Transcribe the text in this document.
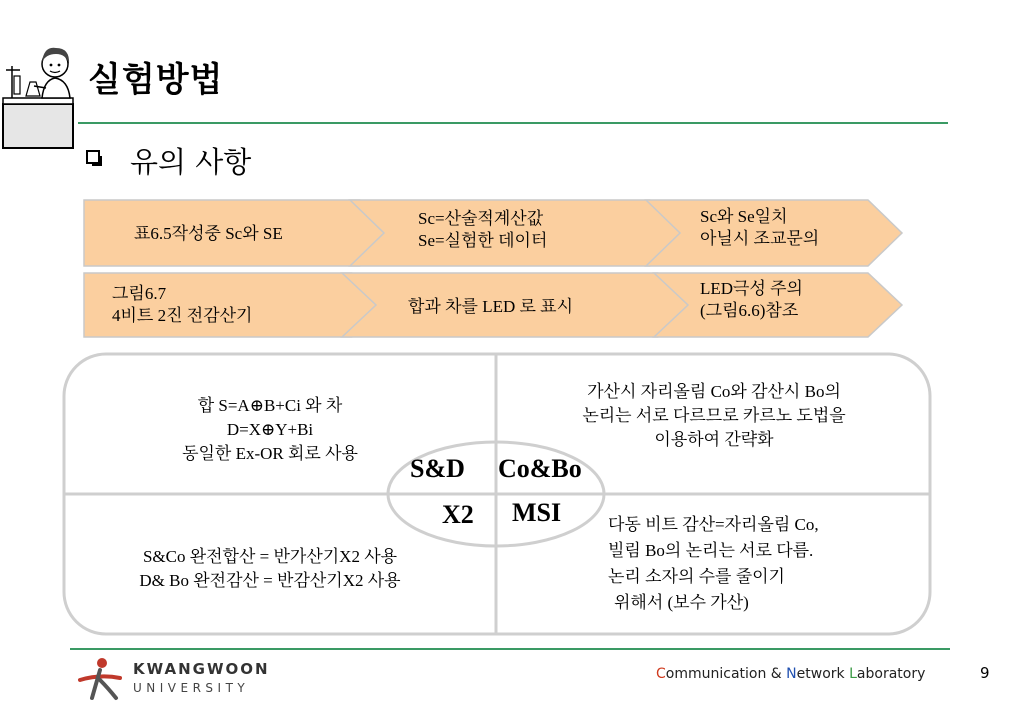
실험방법
유의 사항
표6.5작성중 Sc와 SE
Sc=산술적계산값
Se=실험한 데이터
Sc와 Se일치
아닐시 조교문의
그림6.7
4비트 2진 전감산기	합과 차를 LED 로 표시
LED극성 주의
(그림6.6)참조
합 S=A⊕B+Ci 와 차
D=X⊕Y+Bi
동일한 Ex-OR 회로 사용
가산시 자리올림 Co와 감산시 Bo의
논리는 서로 다르므로 카르노 도법을
이용하여 간략화
S&Co 완전합산 = 반가산기X2 사용
D& Bo 완전감산 = 반감산기X2 사용
다동 비트 감산=자리올림 Co,
빌림 Bo의 논리는 서로 다름.
논리 소자의 수를 줄이기
위해서 (보수 가산)
S&D Co&Bo
X2 MSI
KWANGWOON
UNIVERSITY
Communication & Network Laboratory	9
